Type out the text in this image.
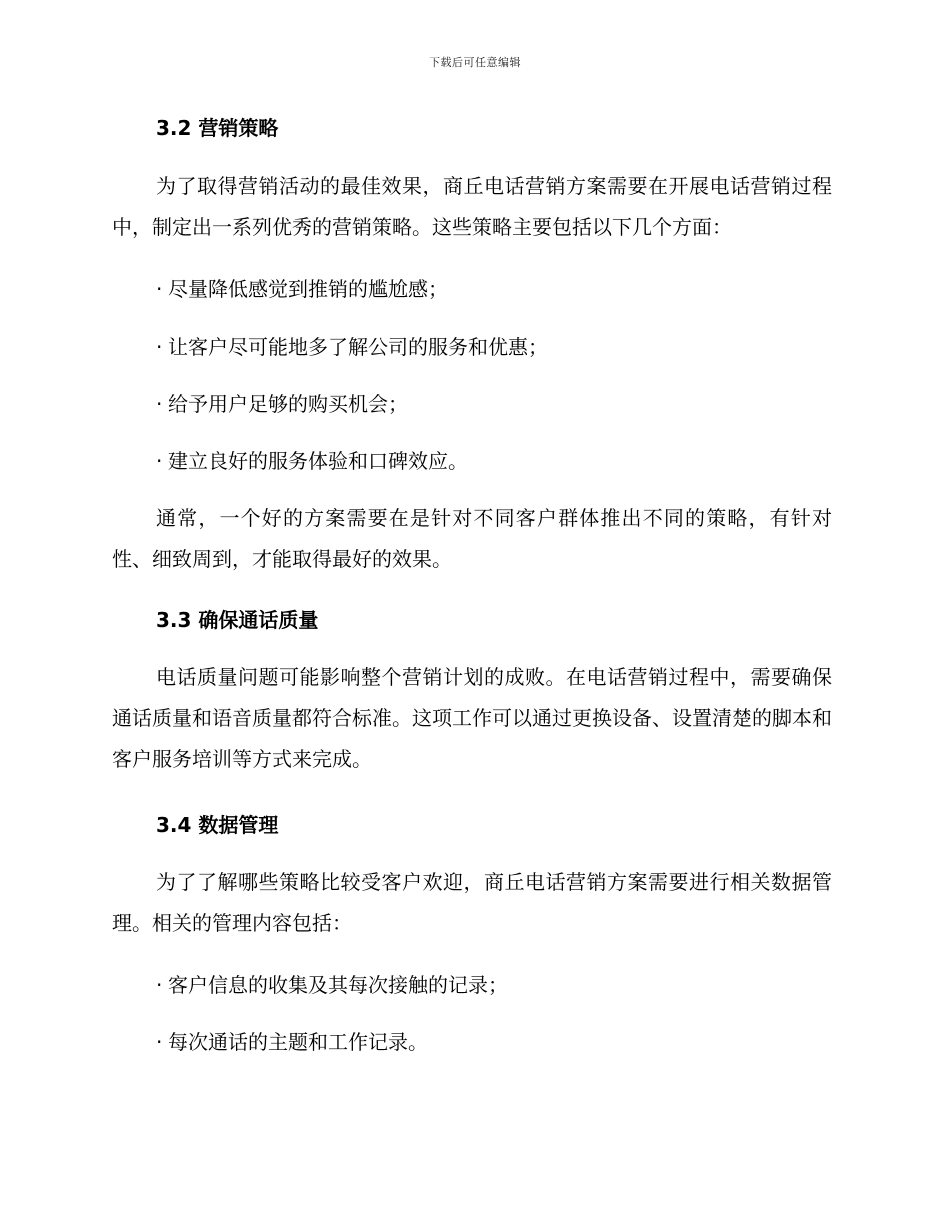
下载后可任意编辑
3.2 营销策略
为了取得营销活动的最佳效果，商丘电话营销方案需要在开展电话营销过程中，制定出一系列优秀的营销策略。这些策略主要包括以下几个方面：
· 尽量降低感觉到推销的尴尬感；
· 让客户尽可能地多了解公司的服务和优惠；
· 给予用户足够的购买机会；
· 建立良好的服务体验和口碑效应。
通常，一个好的方案需要在是针对不同客户群体推出不同的策略，有针对性、细致周到，才能取得最好的效果。
3.3 确保通话质量
电话质量问题可能影响整个营销计划的成败。在电话营销过程中，需要确保通话质量和语音质量都符合标准。这项工作可以通过更换设备、设置清楚的脚本和客户服务培训等方式来完成。
3.4 数据管理
为了了解哪些策略比较受客户欢迎，商丘电话营销方案需要进行相关数据管理。相关的管理内容包括：
· 客户信息的收集及其每次接触的记录；
· 每次通话的主题和工作记录。
